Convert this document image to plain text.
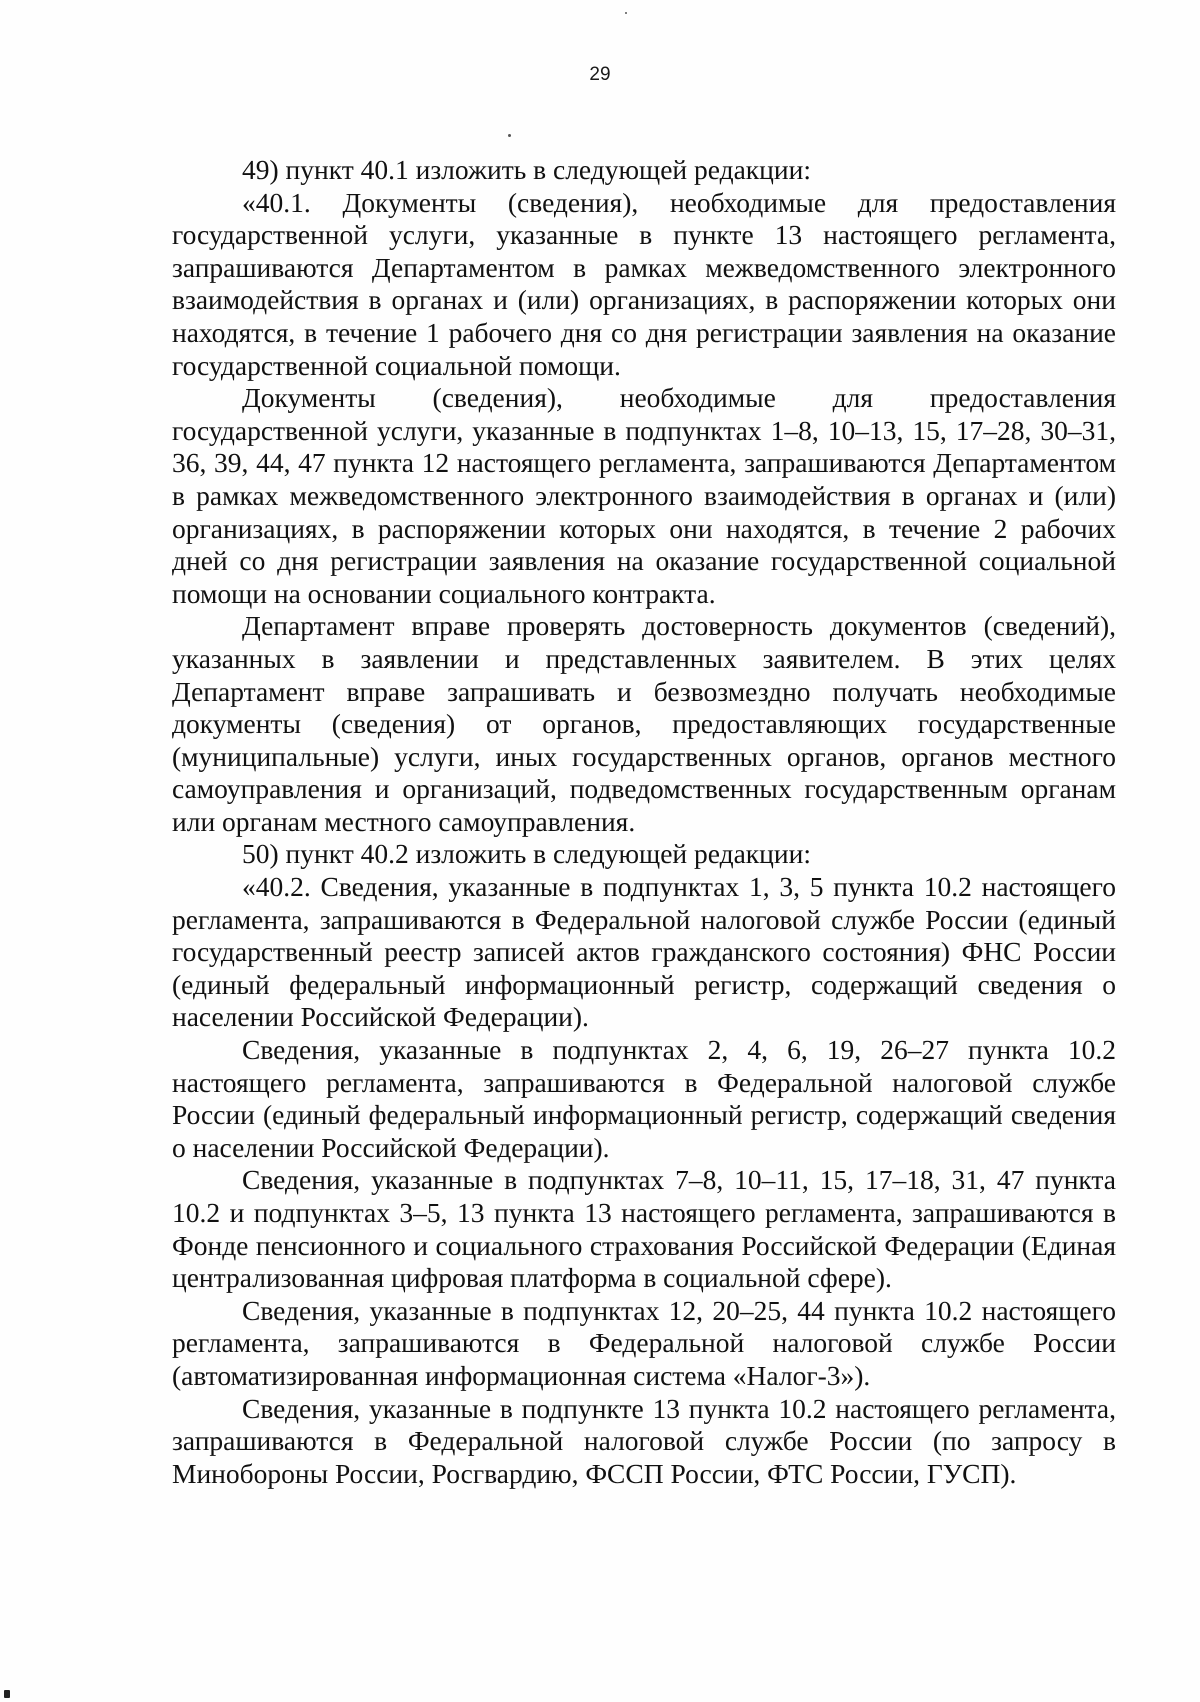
29

49) пункт 40.1 изложить в следующей редакции:

«40.1. Документы (сведения), необходимые для предоставления государственной услуги, указанные в пункте 13 настоящего регламента, запрашиваются Департаментом в рамках межведомственного электронного взаимодействия в органах и (или) организациях, в распоряжении которых они находятся, в течение 1 рабочего дня со дня регистрации заявления на оказание государственной социальной помощи.

Документы (сведения), необходимые для предоставления государственной услуги, указанные в подпунктах 1–8, 10–13, 15, 17–28, 30–31, 36, 39, 44, 47 пункта 12 настоящего регламента, запрашиваются Департаментом в рамках межведомственного электронного взаимодействия в органах и (или) организациях, в распоряжении которых они находятся, в течение 2 рабочих дней со дня регистрации заявления на оказание государственной социальной помощи на основании социального контракта.

Департамент вправе проверять достоверность документов (сведений), указанных в заявлении и представленных заявителем. В этих целях Департамент вправе запрашивать и безвозмездно получать необходимые документы (сведения) от органов, предоставляющих государственные (муниципальные) услуги, иных государственных органов, органов местного самоуправления и организаций, подведомственных государственным органам или органам местного самоуправления.

50) пункт 40.2 изложить в следующей редакции:

«40.2. Сведения, указанные в подпунктах 1, 3, 5 пункта 10.2 настоящего регламента, запрашиваются в Федеральной налоговой службе России (единый государственный реестр записей актов гражданского состояния) ФНС России (единый федеральный информационный регистр, содержащий сведения о населении Российской Федерации).

Сведения, указанные в подпунктах 2, 4, 6, 19, 26–27 пункта 10.2 настоящего регламента, запрашиваются в Федеральной налоговой службе России (единый федеральный информационный регистр, содержащий сведения о населении Российской Федерации).

Сведения, указанные в подпунктах 7–8, 10–11, 15, 17–18, 31, 47 пункта 10.2 и подпунктах 3–5, 13 пункта 13 настоящего регламента, запрашиваются в Фонде пенсионного и социального страхования Российской Федерации (Единая централизованная цифровая платформа в социальной сфере).

Сведения, указанные в подпунктах 12, 20–25, 44 пункта 10.2 настоящего регламента, запрашиваются в Федеральной налоговой службе России (автоматизированная информационная система «Налог-3»).

Сведения, указанные в подпункте 13 пункта 10.2 настоящего регламента, запрашиваются в Федеральной налоговой службе России (по запросу в Минобороны России, Росгвардию, ФССП России, ФТС России, ГУСП).
